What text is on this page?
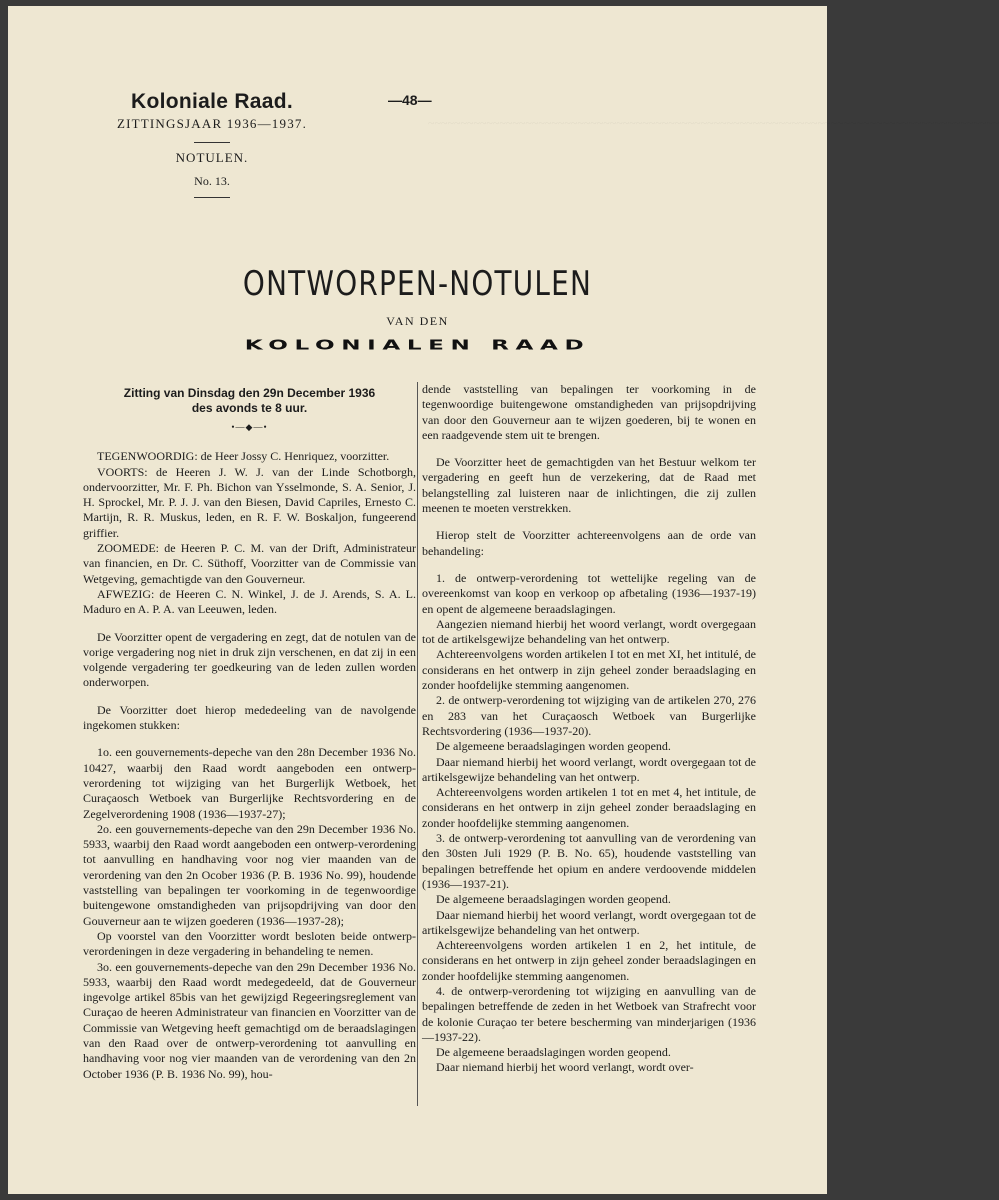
~~~~~~~~~~~~~~~~~~~~~~~~~~~~~~~~~~~~~~~~~~~~~~~~~~~~~~~~~~~~~~~~~~~~~~~~~~~~~~~~~~~~~~~~
Koloniale Raad.
ZITTINGSJAAR 1936—1937.
NOTULEN.
No. 13.
—48—
ONTWORPEN-NOTULEN
VAN DEN
KOLONIALEN RAAD
Zitting van Dinsdag den 29n December 1936
des avonds te 8 uur.
•—◆—•

TEGENWOORDIG: de Heer Jossy C. Henriquez, voorzitter.

VOORTS: de Heeren J. W. J. van der Linde Schotborgh, ondervoorzitter, Mr. F. Ph. Bichon van Ysselmonde, S. A. Senior, J. H. Sprockel, Mr. P. J. J. van den Biesen, David Capriles, Ernesto C. Martijn, R. R. Muskus, leden, en R. F. W. Boskaljon, fungeerend griffier.

ZOOMEDE: de Heeren P. C. M. van der Drift, Administrateur van financien, en Dr. C. Süthoff, Voorzitter van de Commissie van Wetgeving, gemachtigde van den Gouverneur.

AFWEZIG: de Heeren C. N. Winkel, J. de J. Arends, S. A. L. Maduro en A. P. A. van Leeuwen, leden.

De Voorzitter opent de vergadering en zegt, dat de notulen van de vorige vergadering nog niet in druk zijn verschenen, en dat zij in een volgende vergadering ter goedkeuring van de leden zullen worden onderworpen.

De Voorzitter doet hierop mededeeling van de navolgende ingekomen stukken:

1o. een gouvernements-depeche van den 28n December 1936 No. 10427, waarbij den Raad wordt aangeboden een ontwerp-verordening tot wijziging van het Burgerlijk Wetboek, het Curaçaosch Wetboek van Burgerlijke Rechtsvordering en de Zegelverordening 1908 (1936—1937-27);

2o. een gouvernements-depeche van den 29n December 1936 No. 5933, waarbij den Raad wordt aangeboden een ontwerp-verordening tot aanvulling en handhaving voor nog vier maanden van de verordening van den 2n Ocober 1936 (P. B. 1936 No. 99), houdende vaststelling van bepalingen ter voorkoming in de tegenwoordige buitengewone omstandigheden van prijsopdrijving van door den Gouverneur aan te wijzen goederen (1936—1937-28);

Op voorstel van den Voorzitter wordt besloten beide ontwerp-verordeningen in deze vergadering in behandeling te nemen.

3o. een gouvernements-depeche van den 29n December 1936 No. 5933, waarbij den Raad wordt medegedeeld, dat de Gouverneur ingevolge artikel 85bis van het gewijzigd Regeeringsreglement van Curaçao de heeren Administrateur van financien en Voorzitter van de Commissie van Wetgeving heeft gemachtigd om de beraadslagingen van den Raad over de ontwerp-verordening tot aanvulling en handhaving voor nog vier maanden van de verordening van den 2n October 1936 (P. B. 1936 No. 99), hou-

dende vaststelling van bepalingen ter voorkoming in de tegenwoordige buitengewone omstandigheden van prijsopdrijving van door den Gouverneur aan te wijzen goederen, bij te wonen en een raadgevende stem uit te brengen.

De Voorzitter heet de gemachtigden van het Bestuur welkom ter vergadering en geeft hun de verzekering, dat de Raad met belangstelling zal luisteren naar de inlichtingen, die zij zullen meenen te moeten verstrekken.

Hierop stelt de Voorzitter achtereenvolgens aan de orde van behandeling:

1. de ontwerp-verordening tot wettelijke regeling van de overeenkomst van koop en verkoop op afbetaling (1936—1937-19) en opent de algemeene beraadslagingen.

Aangezien niemand hierbij het woord verlangt, wordt overgegaan tot de artikelsgewijze behandeling van het ontwerp.

Achtereenvolgens worden artikelen I tot en met XI, het intitulé, de considerans en het ontwerp in zijn geheel zonder beraadslaging en zonder hoofdelijke stemming aangenomen.

2. de ontwerp-verordening tot wijziging van de artikelen 270, 276 en 283 van het Curaçaosch Wetboek van Burgerlijke Rechtsvordering (1936—1937-20).

De algemeene beraadslagingen worden geopend.

Daar niemand hierbij het woord verlangt, wordt overgegaan tot de artikelsgewijze behandeling van het ontwerp.

Achtereenvolgens worden artikelen 1 tot en met 4, het intitule, de considerans en het ontwerp in zijn geheel zonder beraadslaging en zonder hoofdelijke stemming aangenomen.

3. de ontwerp-verordening tot aanvulling van de verordening van den 30sten Juli 1929 (P. B. No. 65), houdende vaststelling van bepalingen betreffende het opium en andere verdoovende middelen (1936—1937-21).

De algemeene beraadslagingen worden geopend.

Daar niemand hierbij het woord verlangt, wordt overgegaan tot de artikelsgewijze behandeling van het ontwerp.

Achtereenvolgens worden artikelen 1 en 2, het intitule, de considerans en het ontwerp in zijn geheel zonder beraadslagingen en zonder hoofdelijke stemming aangenomen.

4. de ontwerp-verordening tot wijziging en aanvulling van de bepalingen betreffende de zeden in het Wetboek van Strafrecht voor de kolonie Curaçao ter betere bescherming van minderjarigen (1936—1937-22).

De algemeene beraadslagingen worden geopend.

Daar niemand hierbij het woord verlangt, wordt over-
